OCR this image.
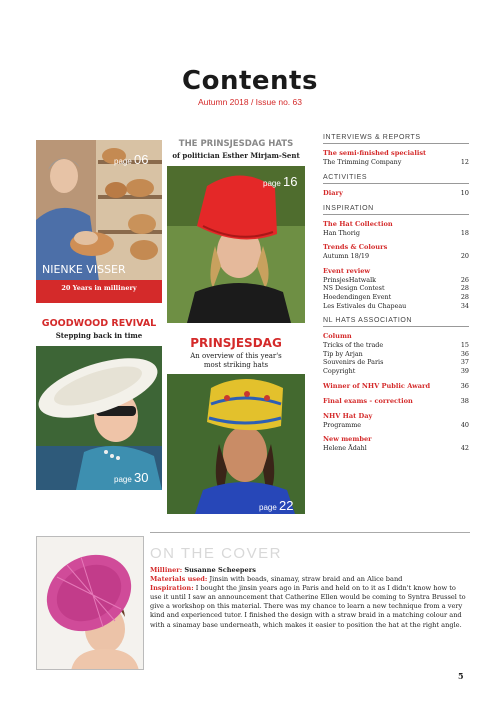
Contents
Autumn 2018 / Issue no. 63
page 06
NIENKE VISSER
20 Years in millinery
THE PRINSJESDAG HATS
of politician Esther Mirjam-Sent
page 16
GOODWOOD REVIVAL
Stepping back in time
page 30
PRINSJESDAG
An overview of this year's
most striking hats
page 22
INTERVIEWS & REPORTS
The semi-finished specialist
The Trimming Company	12
ACTIVITIES
Diary	10
INSPIRATION
The Hat Collection
Han Thorig	18
Trends & Colours
Autumn 18/19	20
Event review
PrinsjesHatwalk	26
NS Design Contest	28
Hoedendingen Event	28
Les Estivales du Chapeau	34
NL HATS ASSOCIATION
Column
Tricks of the trade	15
Tip by Arjan	36
Souvenirs de Paris	37
Copyright	39
Winner of NHV Public Award	36
Final exams - correction	38
NHV Hat Day
Programme	40
New member
Helene Ådahl	42
ON THE COVER
Milliner: Susanne Scheepers
Materials used: Jinsin with beads, sinamay, straw braid and an Alice band
Inspiration: I bought the jinsin years ago in Paris and held on to it as I didn't know how to use it until I saw an announcement that Catherine Ellen would be coming to Syntra Brussel to give a workshop on this material. There was my chance to learn a new technique from a very kind and experienced tutor. I finished the design with a straw braid in a matching colour and with a sinamay base underneath, which makes it easier to position the hat at the right angle.
5
